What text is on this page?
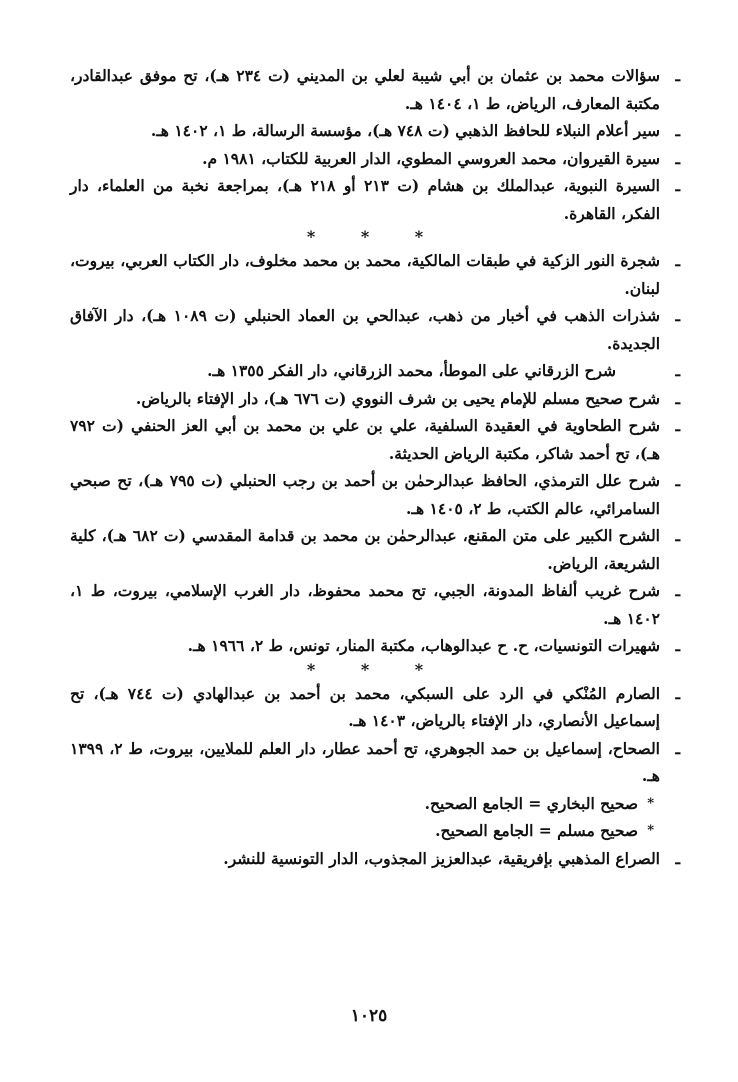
ـ
سؤالات محمد بن عثمان بن أبي شيبة لعلي بن المديني (ت ٢٣٤ هـ)، تح موفق عبدالقادر، مكتبة المعارف، الرياض، ط ١، ١٤٠٤ هـ.

ـ
سير أعلام النبلاء للحافظ الذهبي (ت ٧٤٨ هـ)، مؤسسة الرسالة، ط ١، ١٤٠٢ هـ.

ـ
سيرة القيروان، محمد العروسي المطوي، الدار العربية للكتاب، ١٩٨١ م.

ـ
السيرة النبوية، عبدالملك بن هشام (ت ٢١٣ أو ٢١٨ هـ)، بمراجعة نخبة من العلماء، دار الفكر، القاهرة.

* * *

ـ
شجرة النور الزكية في طبقات المالكية، محمد بن محمد مخلوف، دار الكتاب العربي، بيروت، لبنان.

ـ
شذرات الذهب في أخبار من ذهب، عبدالحي بن العماد الحنبلي (ت ١٠٨٩ هـ)، دار الآفاق الجديدة.

ـ
شرح الزرقاني على الموطأ، محمد الزرقاني، دار الفكر ١٣٥٥ هـ.

ـ
شرح صحيح مسلم للإمام يحيى بن شرف النووي (ت ٦٧٦ هـ)، دار الإفتاء بالرياض.

ـ
شرح الطحاوية في العقيدة السلفية، علي بن علي بن محمد بن أبي العز الحنفي (ت ٧٩٢ هـ)، تح أحمد شاكر، مكتبة الرياض الحديثة.

ـ
شرح علل الترمذي، الحافظ عبدالرحمٰن بن أحمد بن رجب الحنبلي (ت ٧٩٥ هـ)، تح صبحي السامرائي، عالم الكتب، ط ٢، ١٤٠٥ هـ.

ـ
الشرح الكبير على متن المقنع، عبدالرحمٰن بن محمد بن قدامة المقدسي (ت ٦٨٢ هـ)، كلية الشريعة، الرياض.

ـ
شرح غريب ألفاظ المدونة، الجبي، تح محمد محفوظ، دار الغرب الإسلامي، بيروت، ط ١، ١٤٠٢ هـ.

ـ
شهيرات التونسيات، ح. ح عبدالوهاب، مكتبة المنار، تونس، ط ٢، ١٩٦٦ هـ.

* * *

ـ
الصارم المُنْكي في الرد على السبكي، محمد بن أحمد بن عبدالهادي (ت ٧٤٤ هـ)، تح إسماعيل الأنصاري، دار الإفتاء بالرياض، ١٤٠٣ هـ.

ـ
الصحاح، إسماعيل بن حمد الجوهري، تح أحمد عطار، دار العلم للملايين، بيروت، ط ٢، ١٣٩٩ هـ.

*
صحيح البخاري = الجامع الصحيح.

*
صحيح مسلم = الجامع الصحيح.

ـ
الصراع المذهبي بإفريقية، عبدالعزيز المجذوب، الدار التونسية للنشر.

١٠٢٥
